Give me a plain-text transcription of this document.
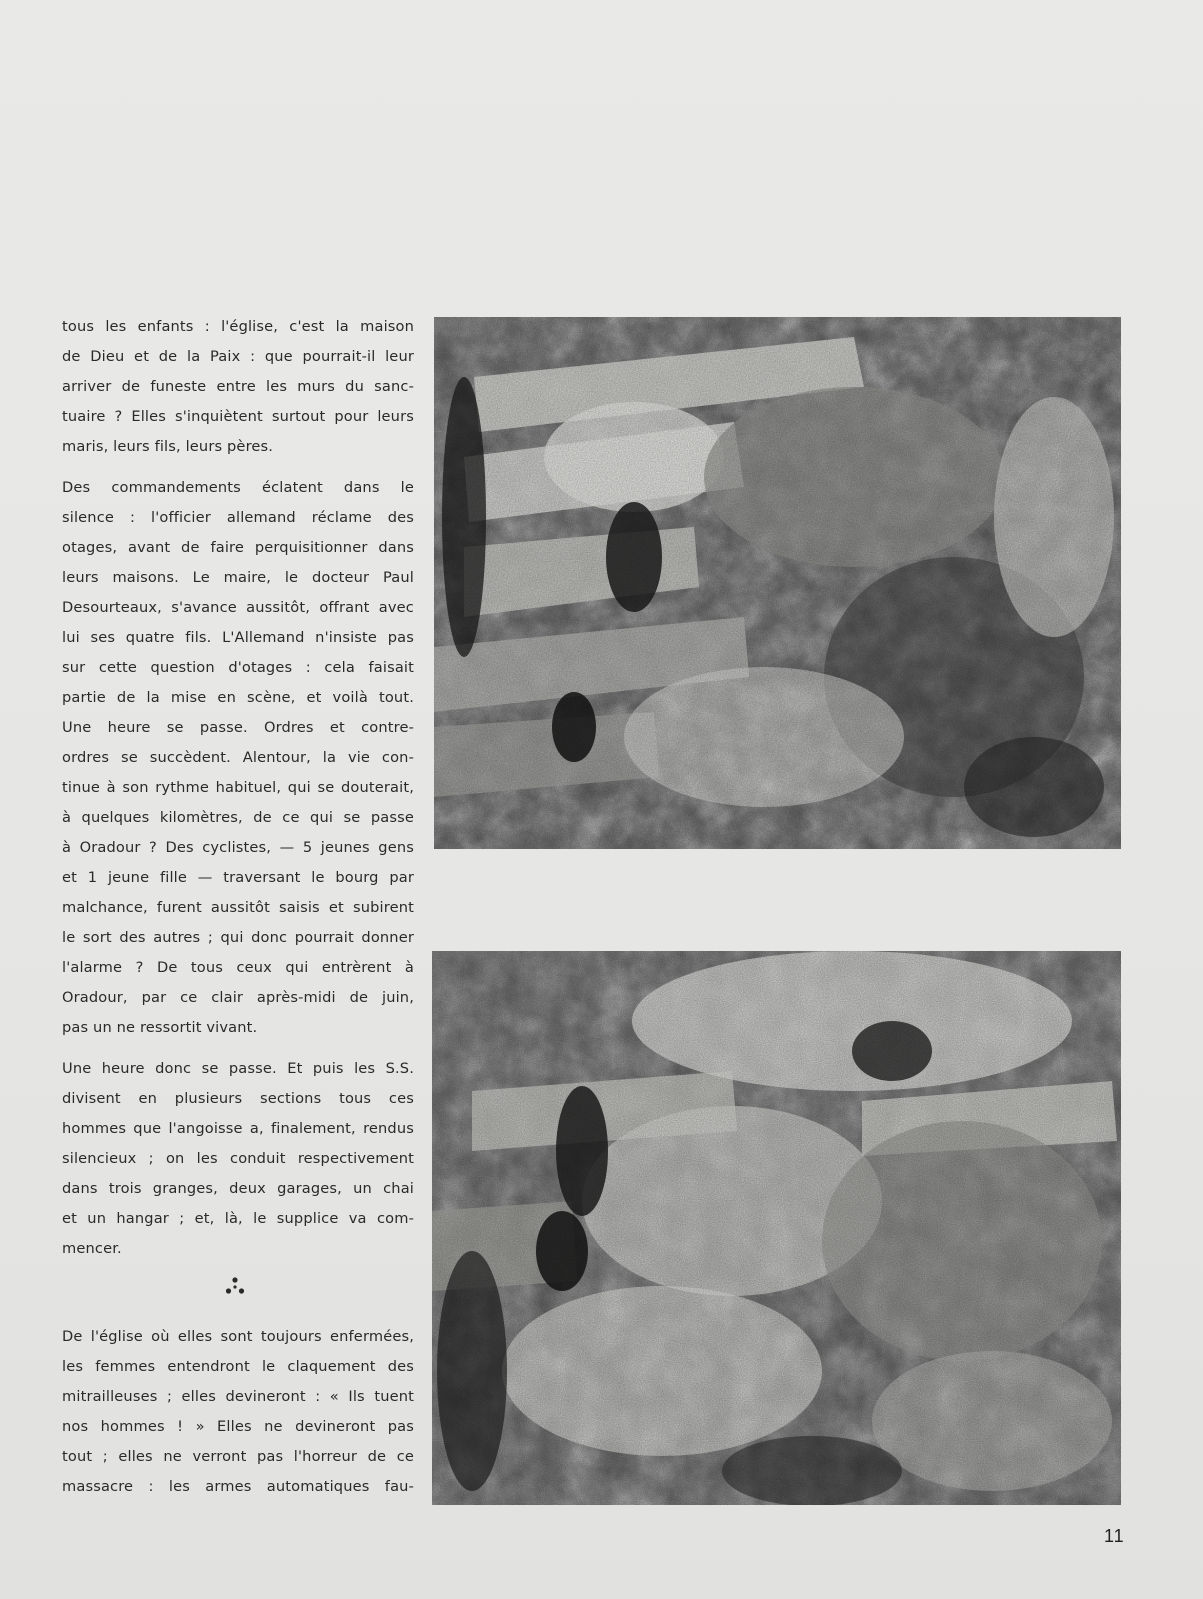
tous les enfants : l'église, c'est la maison
de Dieu et de la Paix : que pourrait-il leur
arriver de funeste entre les murs du sanc-
tuaire ? Elles s'inquiètent surtout pour leurs
maris, leurs fils, leurs pères.

Des commandements éclatent dans le
silence : l'officier allemand réclame des
otages, avant de faire perquisitionner dans
leurs maisons. Le maire, le docteur Paul
Desourteaux, s'avance aussitôt, offrant avec
lui ses quatre fils. L'Allemand n'insiste pas
sur cette question d'otages : cela faisait
partie de la mise en scène, et voilà tout.
Une heure se passe. Ordres et contre-
ordres se succèdent. Alentour, la vie con-
tinue à son rythme habituel, qui se douterait,
à quelques kilomètres, de ce qui se passe
à Oradour ? Des cyclistes, — 5 jeunes gens
et 1 jeune fille — traversant le bourg par
malchance, furent aussitôt saisis et subirent
le sort des autres ; qui donc pourrait donner
l'alarme ? De tous ceux qui entrèrent à
Oradour, par ce clair après-midi de juin,
pas un ne ressortit vivant.

Une heure donc se passe. Et puis les S.S.
divisent en plusieurs sections tous ces
hommes que l'angoisse a, finalement, rendus
silencieux ; on les conduit respectivement
dans trois granges, deux garages, un chai
et un hangar ; et, là, le supplice va com-
mencer.

De l'église où elles sont toujours enfermées,
les femmes entendront le claquement des
mitrailleuses ; elles devineront : « Ils tuent
nos hommes ! » Elles ne devineront pas
tout ; elles ne verront pas l'horreur de ce
massacre : les armes automatiques fau-

11
